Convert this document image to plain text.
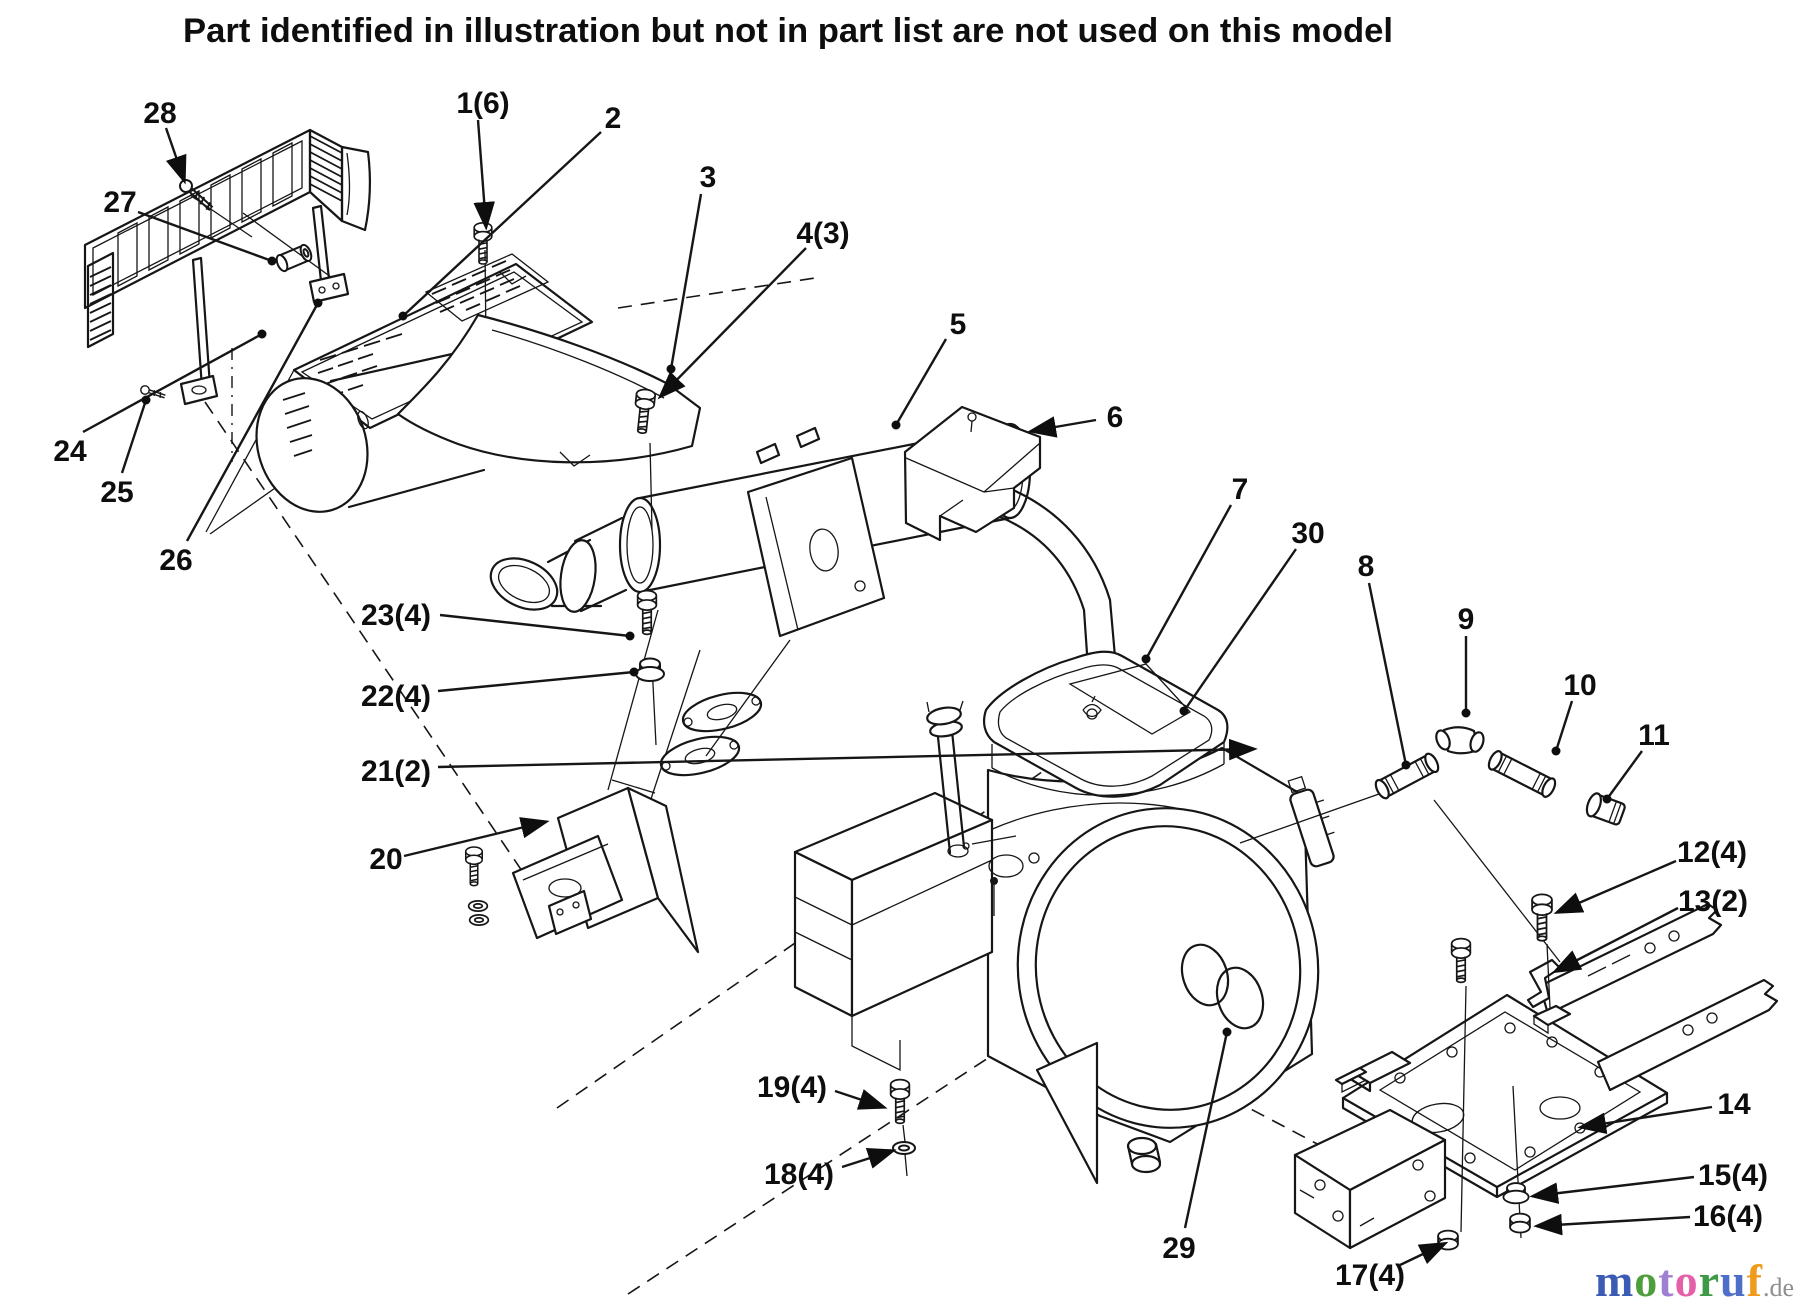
Part identified in illustration but not in part list are not used on this model
28
27
24
25
26
1(6)	2
3
4(3)
5
6
7
30
8
9
10
11
12(4)
13(2)
14
15(4)
16(4)
17(4)
18(4)
19(4)
20
21(2)
22(4)
23(4)
29
motoruf.de
